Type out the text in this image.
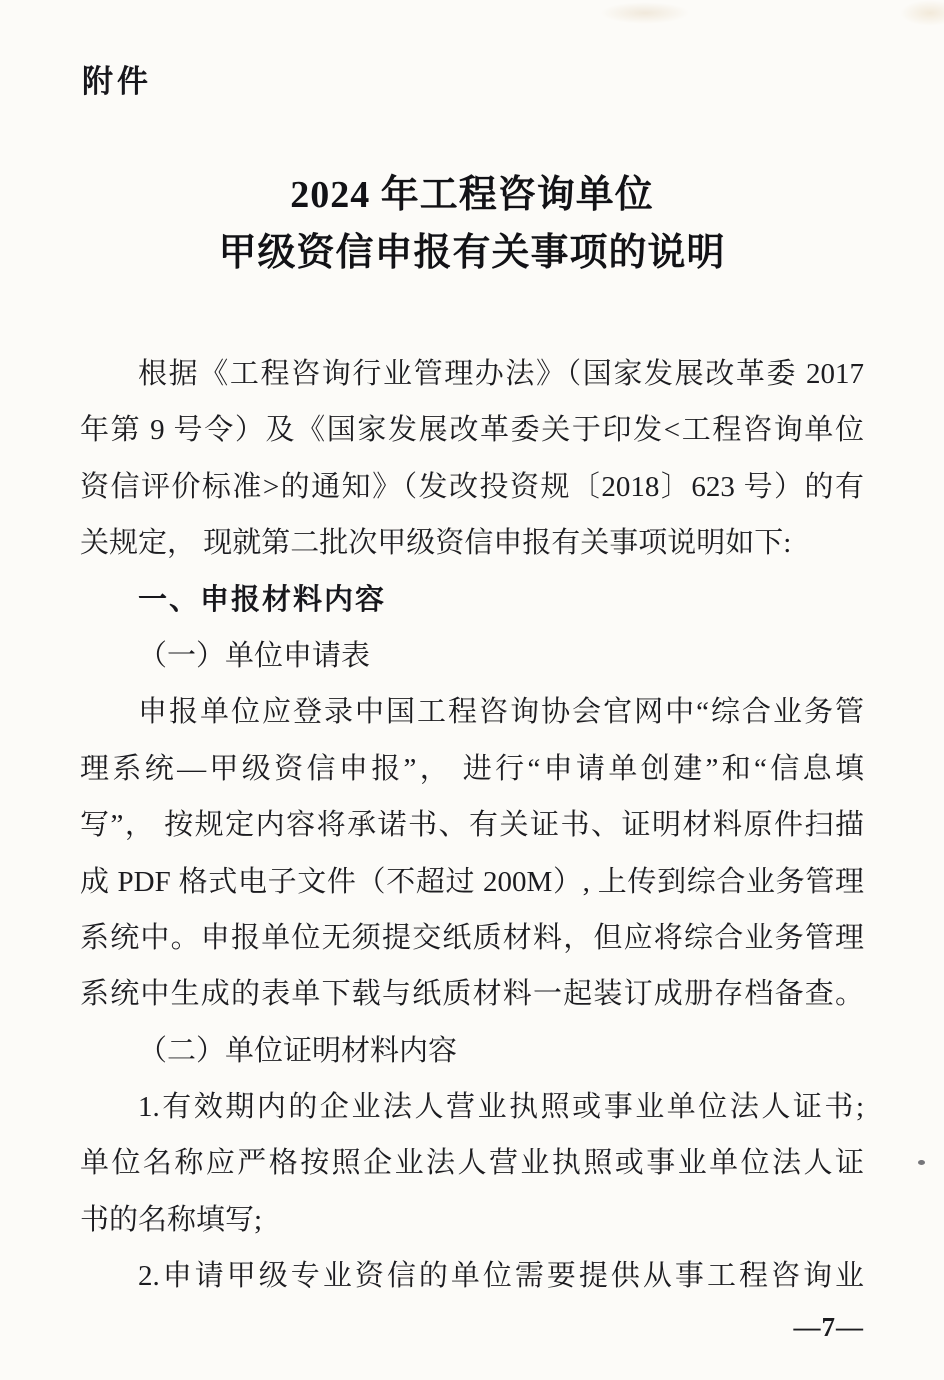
附件
2024 年工程咨询单位
甲级资信申报有关事项的说明
根据《工程咨询行业管理办法》（国家发展改革委 2017
年第 9 号令）及《国家发展改革委关于印发<工程咨询单位
资信评价标准>的通知》（发改投资规〔2018〕623 号）的有
关规定， 现就第二批次甲级资信申报有关事项说明如下:
一、申报材料内容
（一）单位申请表
申报单位应登录中国工程咨询协会官网中“综合业务管
理系统—甲级资信申报”， 进行“申请单创建”和“信息填
写”， 按规定内容将承诺书、有关证书、证明材料原件扫描
成 PDF 格式电子文件（不超过 200M）, 上传到综合业务管理
系统中。申报单位无须提交纸质材料，但应将综合业务管理
系统中生成的表单下载与纸质材料一起装订成册存档备查。
（二）单位证明材料内容
1.有效期内的企业法人营业执照或事业单位法人证书;
单位名称应严格按照企业法人营业执照或事业单位法人证
书的名称填写;
2.申请甲级专业资信的单位需要提供从事工程咨询业
—7—
